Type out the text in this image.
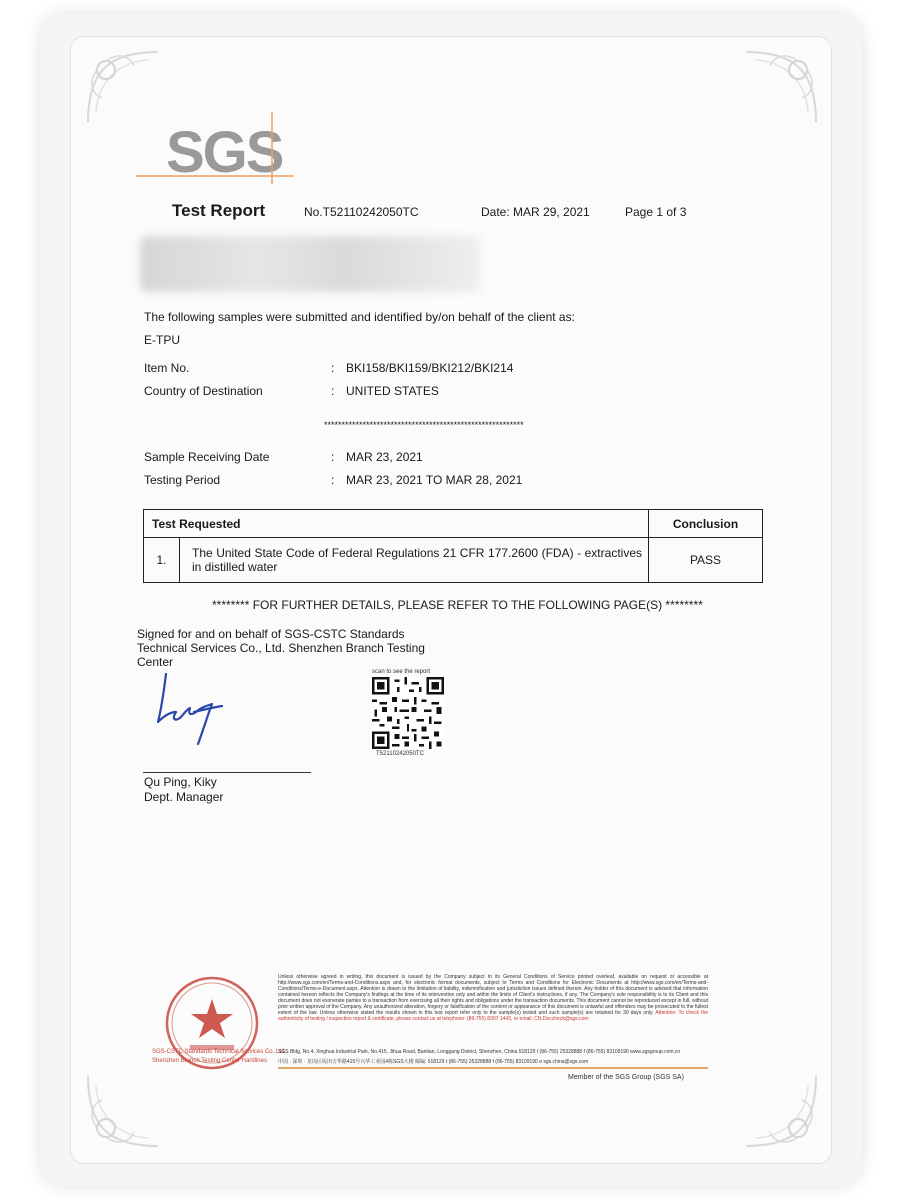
SGS
Test Report	No.T52110242050TC	Date: MAR 29, 2021	Page 1 of 3
The following samples were submitted and identified by/on behalf of the client as:
E-TPU
Item No.	: BKI158/BKI159/BKI212/BKI214
Country of Destination	: UNITED STATES
*********************************************************
Sample Receiving Date	: MAR 23, 2021
Testing Period	: MAR 23, 2021 TO MAR 28, 2021
Test Requested		Conclusion
1.	The United State Code of Federal Regulations 21 CFR 177.2600 (FDA) - extractives in distilled water	PASS
******** FOR FURTHER DETAILS, PLEASE REFER TO THE FOLLOWING PAGE(S) ********
Signed for and on behalf of SGS-CSTC Standards Technical Services Co., Ltd. Shenzhen Branch Testing Center
Qu Ping, Kiky
Dept. Manager
scan to see the report
T52110242050TC
SGS-CSTC Standards Technical Services Co.,Ltd.
Shenzhen Branch Testing Center Hardlines
Unless otherwise agreed in writing, this document is issued by the Company subject to its General Conditions of Service printed overleaf, available on request or accessible at http://www.sgs.com/en/Terms-and-Conditions.aspx and, for electronic format documents, subject to Terms and Conditions for Electronic Documents at http://www.sgs.com/en/Terms-and-Conditions/Terms-e-Document.aspx. Attention is drawn to the limitation of liability, indemnification and jurisdiction issues defined therein. Any holder of this document is advised that information contained hereon reflects the Company's findings at the time of its intervention only and within the limits of Client's instructions, if any. The Company's sole responsibility is to its Client and this document does not exonerate parties to a transaction from exercising all their rights and obligations under the transaction documents. This document cannot be reproduced except in full, without prior written approval of the Company. Any unauthorized alteration, forgery or falsification of the content or appearance of this document is unlawful and offenders may be prosecuted to the fullest extent of the law. Unless otherwise stated the results shown in this test report refer only to the sample(s) tested and such sample(s) are retained for 30 days only. Attention: To check the authenticity of testing / inspection report & certificate, please contact us at telephone: (86-755) 8307 1443, or email: CN.Doccheck@sgs.com
SGS Bldg, No.4, Xinghua Industrial Park, No.415, Jihua Road, Bantian, Longgang District, Shenzhen, China 518129 t (86-755) 25328888 f (86-755) 83109190 www.sgsgroup.com.cn
中国 · 深圳 · 龙岗区坂田吉华路415号兴华工业园4栋SGS大楼 邮编: 518129 t (86-755) 25328888 f (86-755) 83109190 e sgs.china@sgs.com
Member of the SGS Group (SGS SA)
